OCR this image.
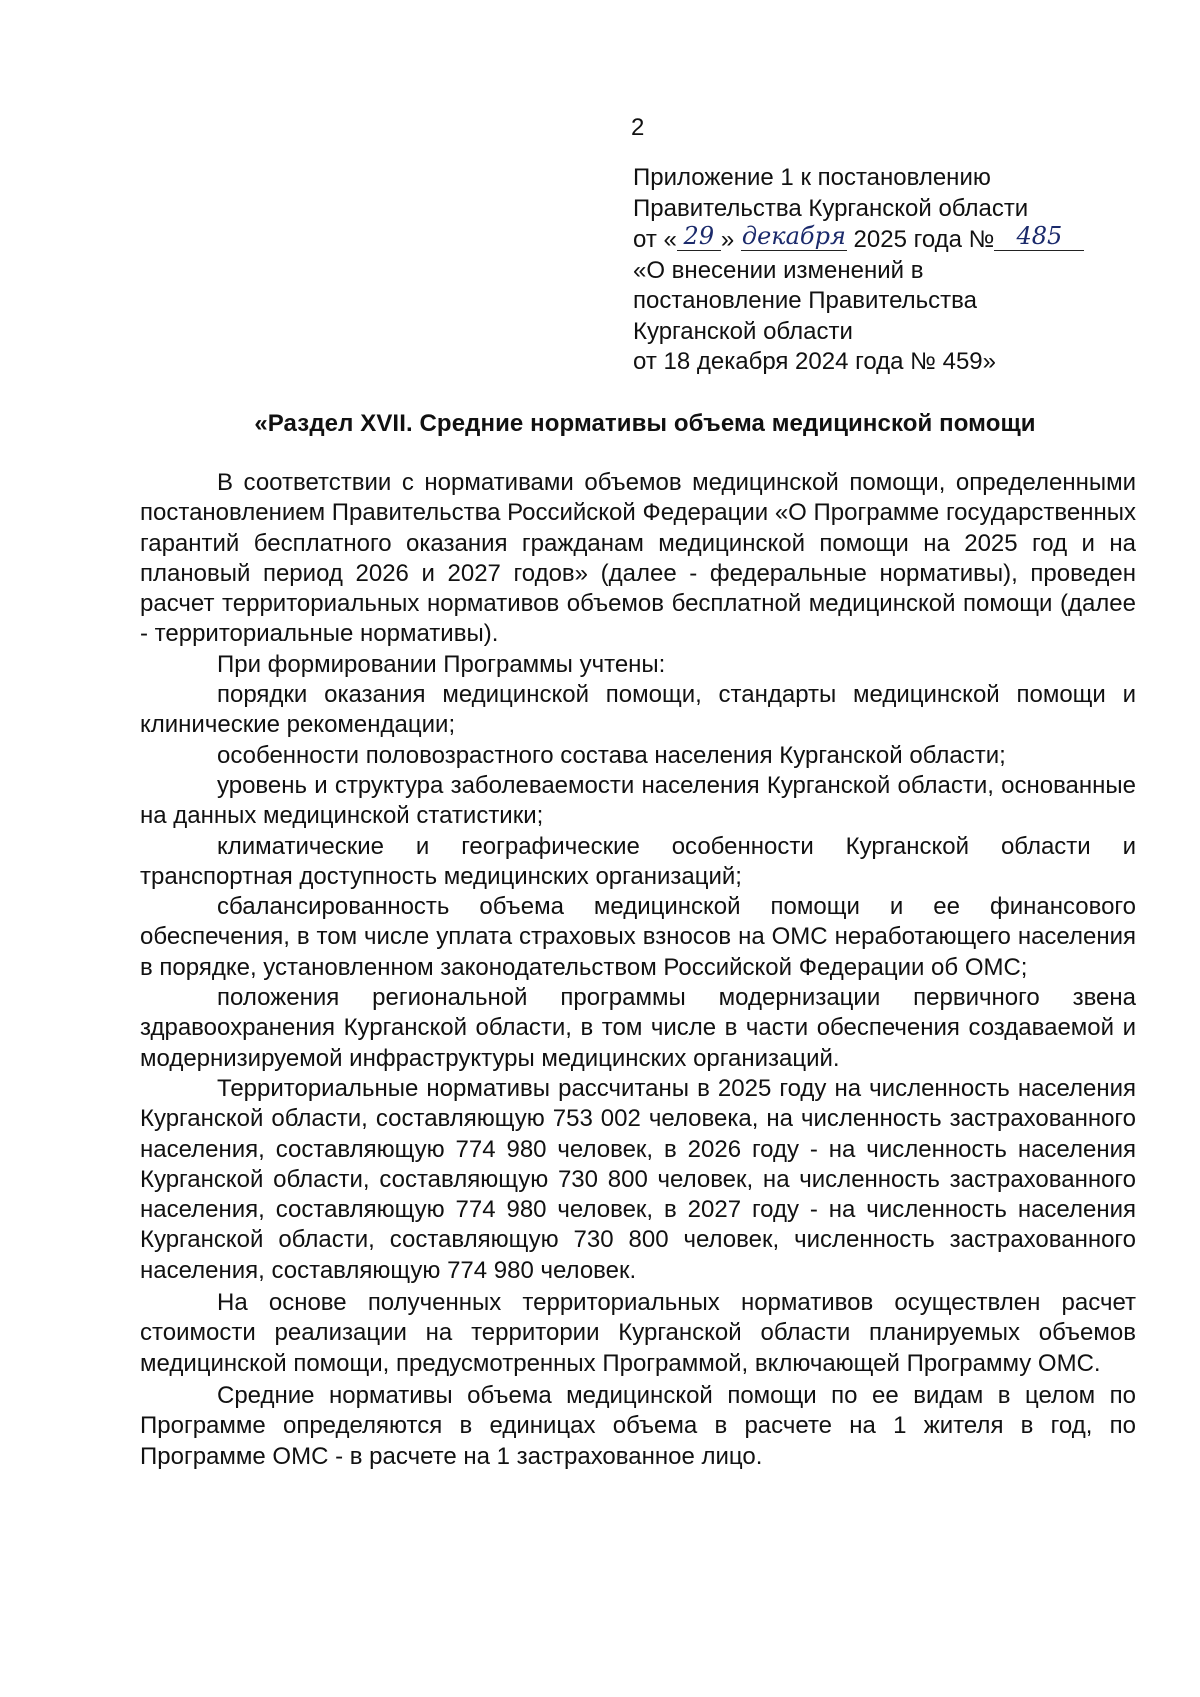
2
Приложение 1 к постановлению
Правительства Курганской области
от « 29 » декабря 2025 года № 485
«О внесении изменений в
постановление Правительства
Курганской области
от 18 декабря 2024 года № 459»
«Раздел XVII. Средние нормативы объема медицинской помощи

В соответствии с нормативами объемов медицинской помощи, определенными постановлением Правительства Российской Федерации «О Программе государственных гарантий бесплатного оказания гражданам медицинской помощи на 2025 год и на плановый период 2026 и 2027 годов» (далее - федеральные нормативы), проведен расчет территориальных нормативов объемов бесплатной медицинской помощи (далее - территориальные нормативы).

При формировании Программы учтены:

порядки оказания медицинской помощи, стандарты медицинской помощи и клинические рекомендации;

особенности половозрастного состава населения Курганской области;

уровень и структура заболеваемости населения Курганской области, основанные на данных медицинской статистики;

климатические и географические особенности Курганской области и транспортная доступность медицинских организаций;

сбалансированность объема медицинской помощи и ее финансового обеспечения, в том числе уплата страховых взносов на ОМС неработающего населения в порядке, установленном законодательством Российской Федерации об ОМС;

положения региональной программы модернизации первичного звена здравоохранения Курганской области, в том числе в части обеспечения создаваемой и модернизируемой инфраструктуры медицинских организаций.

Территориальные нормативы рассчитаны в 2025 году на численность населения Курганской области, составляющую 753 002 человека, на численность застрахованного населения, составляющую 774 980 человек, в 2026 году - на численность населения Курганской области, составляющую 730 800 человек, на численность застрахованного населения, составляющую 774 980 человек, в 2027 году - на численность населения Курганской области, составляющую 730 800 человек, численность застрахованного населения, составляющую 774 980 человек.

На основе полученных территориальных нормативов осуществлен расчет стоимости реализации на территории Курганской области планируемых объемов медицинской помощи, предусмотренных Программой, включающей Программу ОМС.

Средние нормативы объема медицинской помощи по ее видам в целом по Программе определяются в единицах объема в расчете на 1 жителя в год, по Программе ОМС - в расчете на 1 застрахованное лицо.
